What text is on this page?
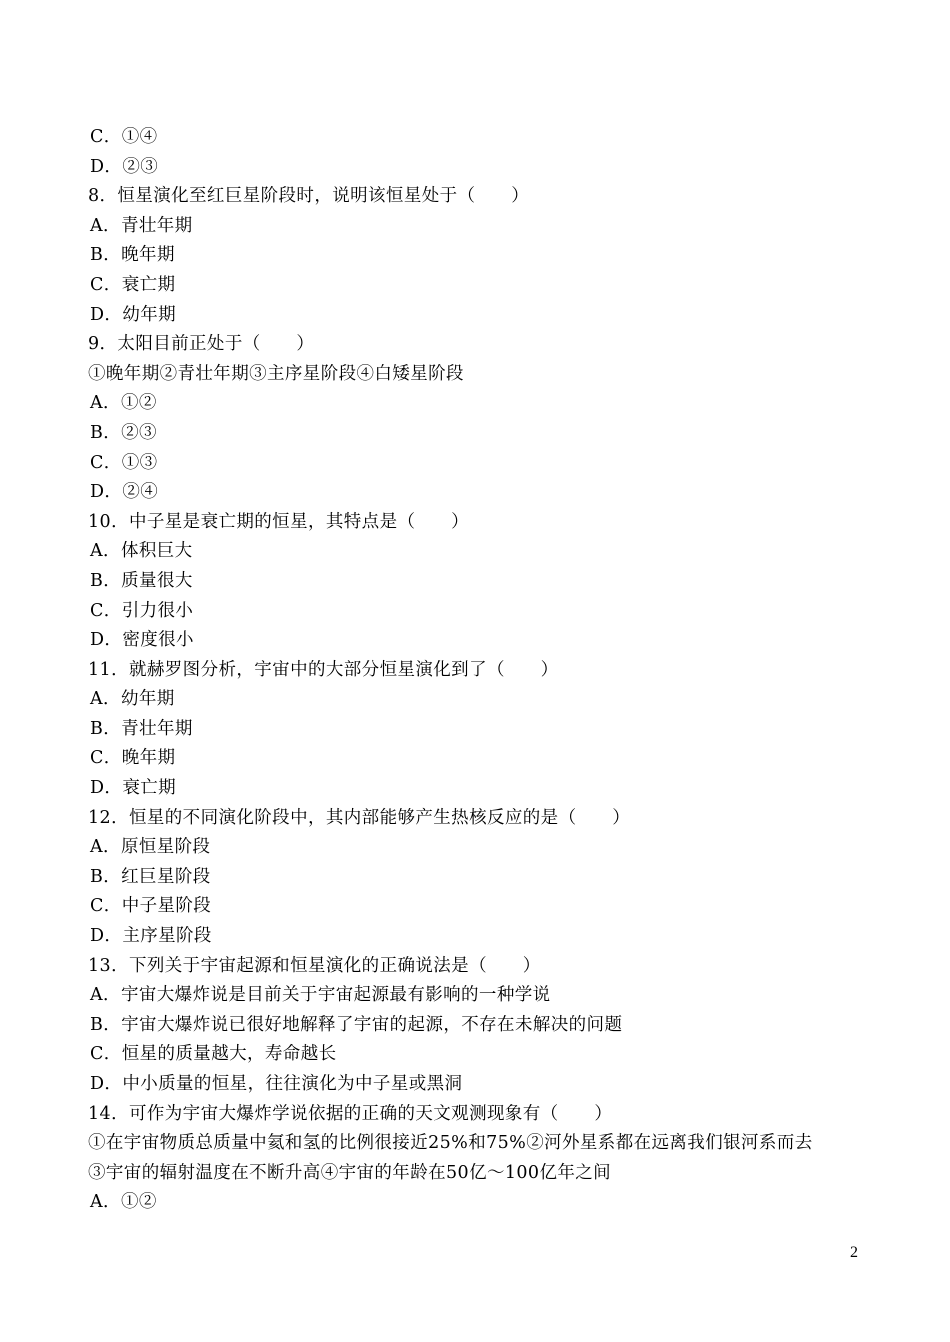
C．①④
D．②③
8．恒星演化至红巨星阶段时，说明该恒星处于（　　）
A．青壮年期
B．晚年期
C．衰亡期
D．幼年期
9．太阳目前正处于（　　）
①晚年期②青壮年期③主序星阶段④白矮星阶段
A．①②
B．②③
C．①③
D．②④
10．中子星是衰亡期的恒星，其特点是（　　）
A．体积巨大
B．质量很大
C．引力很小
D．密度很小
11．就赫罗图分析，宇宙中的大部分恒星演化到了（　　）
A．幼年期
B．青壮年期
C．晚年期
D．衰亡期
12．恒星的不同演化阶段中，其内部能够产生热核反应的是（　　）
A．原恒星阶段
B．红巨星阶段
C．中子星阶段
D．主序星阶段
13．下列关于宇宙起源和恒星演化的正确说法是（　　）
A．宇宙大爆炸说是目前关于宇宙起源最有影响的一种学说
B．宇宙大爆炸说已很好地解释了宇宙的起源，不存在未解决的问题
C．恒星的质量越大，寿命越长
D．中小质量的恒星，往往演化为中子星或黑洞
14．可作为宇宙大爆炸学说依据的正确的天文观测现象有（　　）
①在宇宙物质总质量中氦和氢的比例很接近25%和75%②河外星系都在远离我们银河系而去
③宇宙的辐射温度在不断升高④宇宙的年龄在50亿～100亿年之间
A．①②
2
